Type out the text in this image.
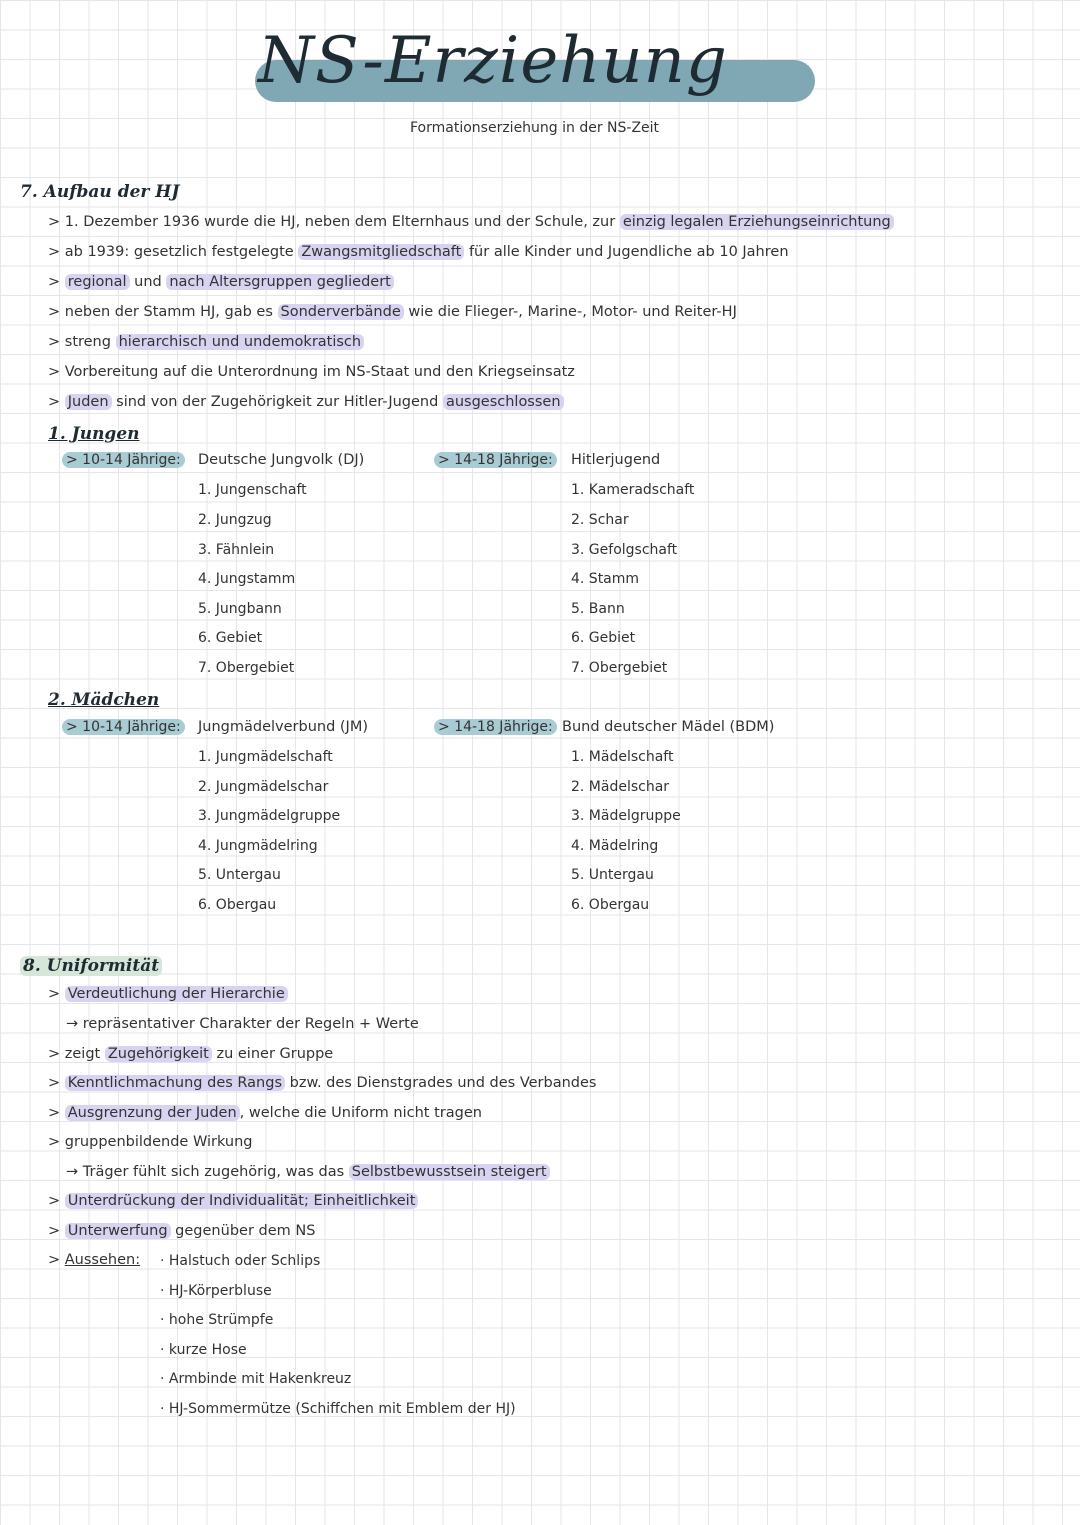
NS-Erziehung
Formationserziehung in der NS-Zeit
7. Aufbau der HJ
> 1. Dezember 1936 wurde die HJ, neben dem Elternhaus und der Schule, zur einzig legalen Erziehungseinrichtung
> ab 1939: gesetzlich festgelegte Zwangsmitgliedschaft für alle Kinder und Jugendliche ab 10 Jahren
> regional und nach Altersgruppen gegliedert
> neben der Stamm HJ, gab es Sonderverbände wie die Flieger-, Marine-, Motor- und Reiter-HJ
> streng hierarchisch und undemokratisch
> Vorbereitung auf die Unterordnung im NS-Staat und den Kriegseinsatz
> Juden sind von der Zugehörigkeit zur Hitler-Jugend ausgeschlossen
1. Jungen
> 10-14 Jährige: Deutsche Jungvolk (DJ)
1. Jungenschaft
2. Jungzug
3. Fähnlein
4. Jungstamm
5. Jungbann
6. Gebiet
7. Obergebiet
> 14-18 Jährige: Hitlerjugend
1. Kameradschaft
2. Schar
3. Gefolgschaft
4. Stamm
5. Bann
6. Gebiet
7. Obergebiet
2. Mädchen
> 10-14 Jährige: Jungmädelverbund (JM)
1. Jungmädelschaft
2. Jungmädelschar
3. Jungmädelgruppe
4. Jungmädelring
5. Untergau
6. Obergau
> 14-18 Jährige: Bund deutscher Mädel (BDM)
1. Mädelschaft
2. Mädelschar
3. Mädelgruppe
4. Mädelring
5. Untergau
6. Obergau
8. Uniformität
> Verdeutlichung der Hierarchie
→ repräsentativer Charakter der Regeln + Werte
> zeigt Zugehörigkeit zu einer Gruppe
> Kenntlichmachung des Rangs bzw. des Dienstgrades und des Verbandes
> Ausgrenzung der Juden , welche die Uniform nicht tragen
> gruppenbildende Wirkung
→ Träger fühlt sich zugehörig, was das Selbstbewusstsein steigert
> Unterdrückung der Individualität; Einheitlichkeit
> Unterwerfung gegenüber dem NS
> Aussehen: · Halstuch oder Schlips
· HJ-Körperbluse
· hohe Strümpfe
· kurze Hose
· Armbinde mit Hakenkreuz
· HJ-Sommermütze (Schiffchen mit Emblem der HJ)
